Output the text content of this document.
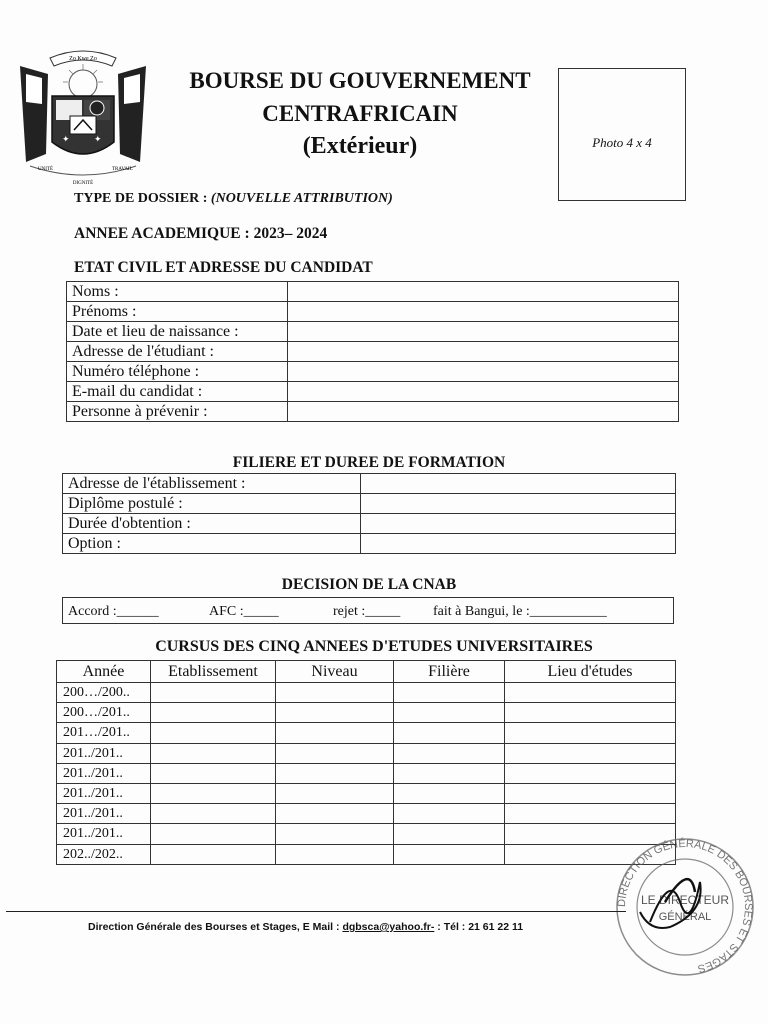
Zo Kwe Zo
✦	✦
UNITÉ
DIGNITÉ
TRAVAIL
BOURSE DU GOUVERNEMENT
CENTRAFRICAIN
(Extérieur)	Photo 4 x 4
TYPE DE DOSSIER : (NOUVELLE ATTRIBUTION)
ANNEE ACADEMIQUE : 2023– 2024
ETAT CIVIL ET ADRESSE DU CANDIDAT
Noms :	
Prénoms :	
Date et lieu de naissance :	
Adresse de l'étudiant :	
Numéro téléphone :	
E-mail du candidat :	
Personne à prévenir :	
FILIERE ET DUREE DE FORMATION
Adresse de l'établissement :	
Diplôme postulé :	
Durée d'obtention :	
Option :	
DECISION DE LA CNAB
Accord :______	AFC :_____	rejet :_____ fait à Bangui, le :___________
CURSUS DES CINQ ANNEES D'ETUDES UNIVERSITAIRES
Année	Etablissement	Niveau	Filière	Lieu d'études
200…/200..				
200…/201..				
201…/201..				
201../201..				
201../201..				
201../201..				
201../201..				
201../201..				
202../202..				
DIRECTION GÉNÉRALE DES BOURSES ET STAGES
LE DIRECTEUR
GÉNÉRAL
Direction Générale des Bourses et Stages, E Mail : dgbsca@yahoo.fr- : Tél : 21 61 22 11
